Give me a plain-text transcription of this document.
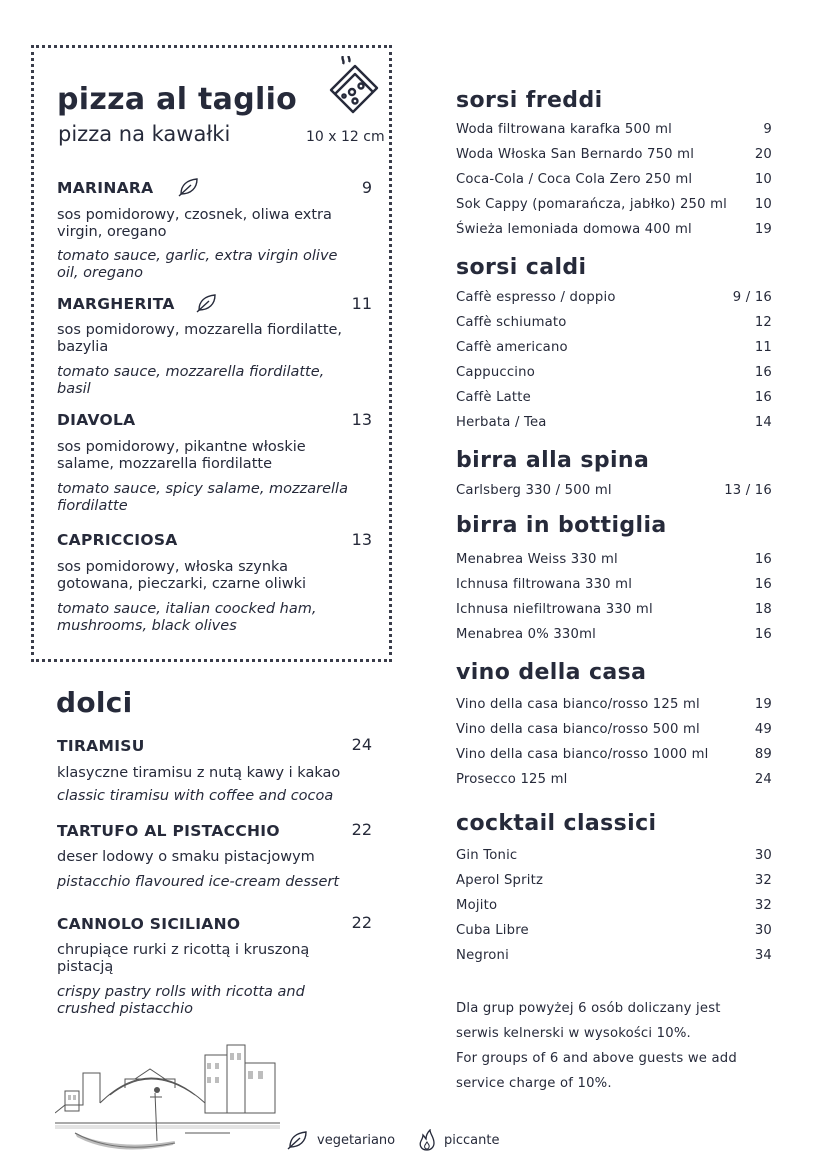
pizza al taglio
pizza na kawałki	10 x 12 cm
MARINARA	9
sos pomidorowy, czosnek, oliwa extra virgin, oregano
tomato sauce, garlic, extra virgin olive oil, oregano
MARGHERITA	11
sos pomidorowy, mozzarella fiordilatte, bazylia
tomato sauce, mozzarella fiordilatte, basil
DIAVOLA	13
sos pomidorowy, pikantne włoskie salame, mozzarella fiordilatte
tomato sauce, spicy salame, mozzarella fiordilatte
CAPRICCIOSA	13
sos pomidorowy, włoska szynka gotowana, pieczarki, czarne oliwki
tomato sauce, italian coocked ham, mushrooms, black olives
dolci
TIRAMISU	24
klasyczne tiramisu z nutą kawy i kakao
classic tiramisu with coffee and cocoa
TARTUFO AL PISTACCHIO	22
deser lodowy o smaku pistacjowym
pistacchio flavoured ice-cream dessert
CANNOLO SICILIANO	22
chrupiące rurki z ricottą i kruszoną pistacją
crispy pastry rolls with ricotta and crushed pistacchio
sorsi freddi
Woda filtrowana karafka 500 ml	9
Woda Włoska San Bernardo 750 ml	20
Coca-Cola / Coca Cola Zero 250 ml	10
Sok Cappy (pomarańcza, jabłko) 250 ml 10
Świeża lemoniada domowa 400 ml	19
sorsi caldi
Caffè espresso / doppio	9 / 16
Caffè schiumato	12
Caffè americano	11
Cappuccino	16
Caffè Latte	16
Herbata / Tea	14
birra alla spina
Carlsberg 330 / 500 ml	13 / 16
birra in bottiglia
Menabrea Weiss 330 ml	16
Ichnusa filtrowana 330 ml	16
Ichnusa niefiltrowana 330 ml	18
Menabrea 0% 330ml	16
vino della casa
Vino della casa bianco/rosso 125 ml	19
Vino della casa bianco/rosso 500 ml	49
Vino della casa bianco/rosso 1000 ml	89
Prosecco 125 ml	24
cocktail classici
Gin Tonic	30
Aperol Spritz	32
Mojito	32
Cuba Libre	30
Negroni	34
Dla grup powyżej 6 osób doliczany jest
serwis kelnerski w wysokości 10%.
For groups of 6 and above guests we add
service charge of 10%.
vegetariano	piccante
